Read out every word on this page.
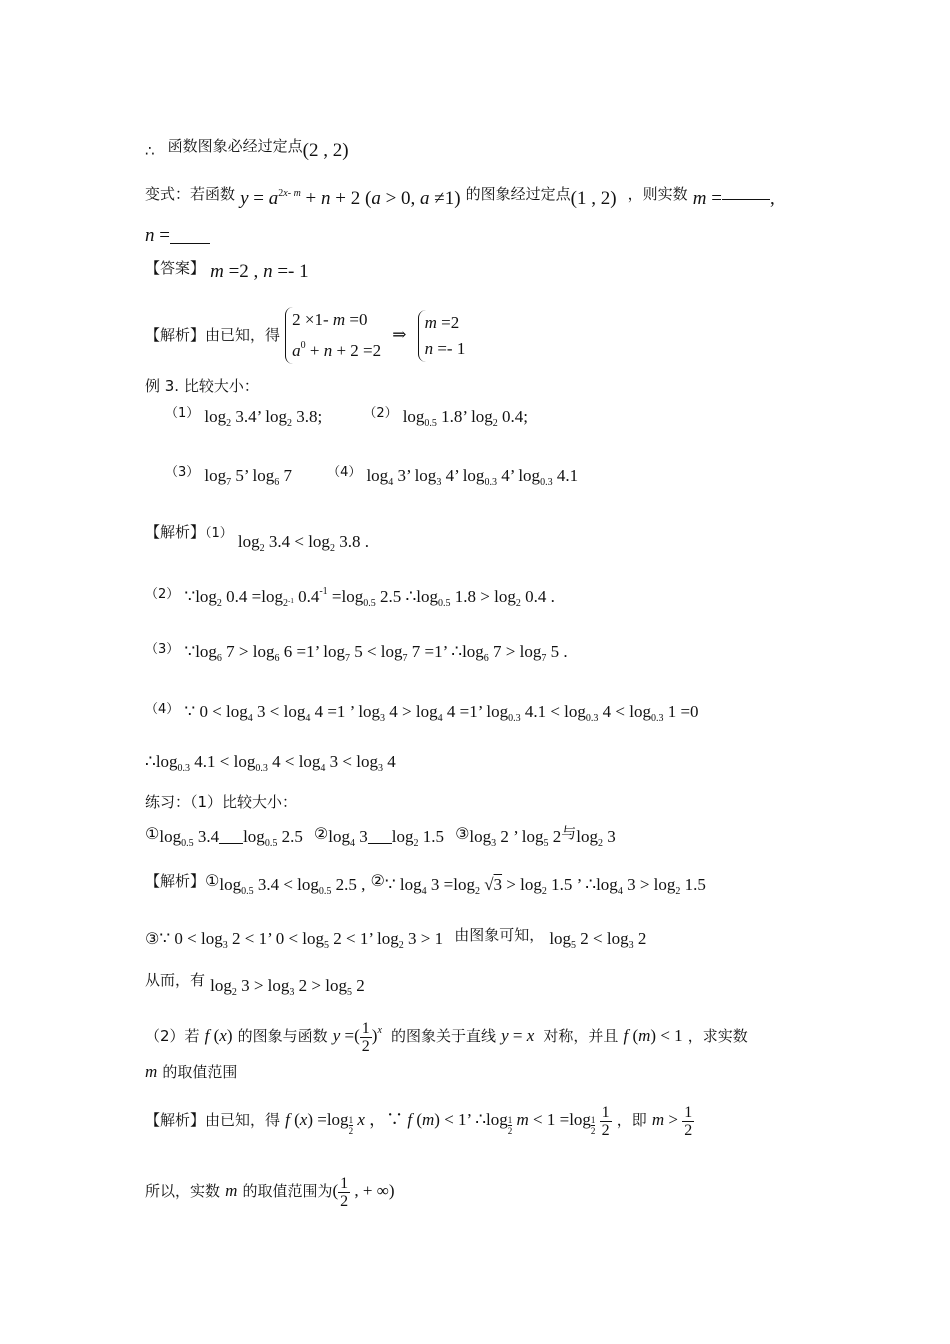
∴ 函数图象必经过定点(2 , 2)
变式：若函数 $y = a^{2x- m} + n + 2$ (a > 0, a ≠1) 的图象经过定点(1 , 2) ，则实数 m =	,
n =
【答案】 m =2 , n =- 1
【解析】由已知，得 2 ×1- m =0
$a^0 + n + 2 =2$ ⇒ m =2
n =- 1
例 3. 比较大小：
$^{(1)}$ $\log_2 3.4$’ $\log_2 3.8$;	$^{(2)}$ $\log_{0.5} 1.8$’ $\log_2 0.4$;
$^{(3)}$ $\log_7 5$’ $\log_6 7$	$^{(4)}$ $\log_4 3$’ $\log_3 4$’ $\log_{0.3} 4$’ $\log_{0.3} 4.1$
【解析】（1） $\log_2 3.4 < \log_2 3.8$ .
$^{(2)}$ $\because\log_2$ $0.4 =\log_{2^{-1}}$ $0.4^{-1} =\log_{0.5}$ 2.5 $\therefore\log_{0.5}$ $1.8 > \log_2 0.4$ .
$^{(3)}$ $\because\log_6$ $7 > \log_6 6 =1$’ $\log_7 5 < \log_7 7 =1$’ $\therefore\log_6$ $7 > \log_7 5$ .
$^{(4)}$ ∵ $0 < \log_4 3 < \log_4 4 =1$ ’ $\log_3 4 > \log_4 4 =1$’ $\log_{0.3} 4.1 < \log_{0.3} 4 < \log_{0.3} 1 =0$
$\therefore\log_{0.3}$ $4.1 < \log_{0.3} 4 < \log_4 3 < \log_3 4$
练习：（1）比较大小：
$①\log_{0.5}$ 3.4 $\log_{0.5} 2.5$ $②\log_4$ 3 $\log_2 1.5$ $③\log_3$ 2 ’ $\log_5 2$与$\log_2 3$
【解析】$①\log_{0.5}$ $3.4 < \log_{0.5} 2.5$ , ②∵ $\log_4 3 =\log_2$ $√3 > \log_2 1.5$ ’ $\therefore\log_4$ $3 > \log_2 1.5$
③∵ $0 < \log_3 2 < 1$’ $0 < \log_5 2 < 1$’ $\log_2 3 > 1$ 由图象可知， $\log_5 2 < \log_3 2$
从而，有 $\log_2 3 > \log_3 2 > \log_5 2$
（2）若 f (x) 的图象与函数 y =( $\frac{1}{2} )^x$ 的图象关于直线 y = x 对称，并且 f (m) < 1 ，求实数
m 的取值范围
【解析】由已知，得 f $(x) =\log \frac{1}{2}$ x ，∵ f (m) < 1’ ∴log $\frac{1}{2}$ $m < 1 =\log \frac{1}{2} \frac{1}{2}$ ，即 $m > \frac{1}{2}$
所以，实数 m 的取值范围为( $\frac{1}{2}$ , + ∞)
